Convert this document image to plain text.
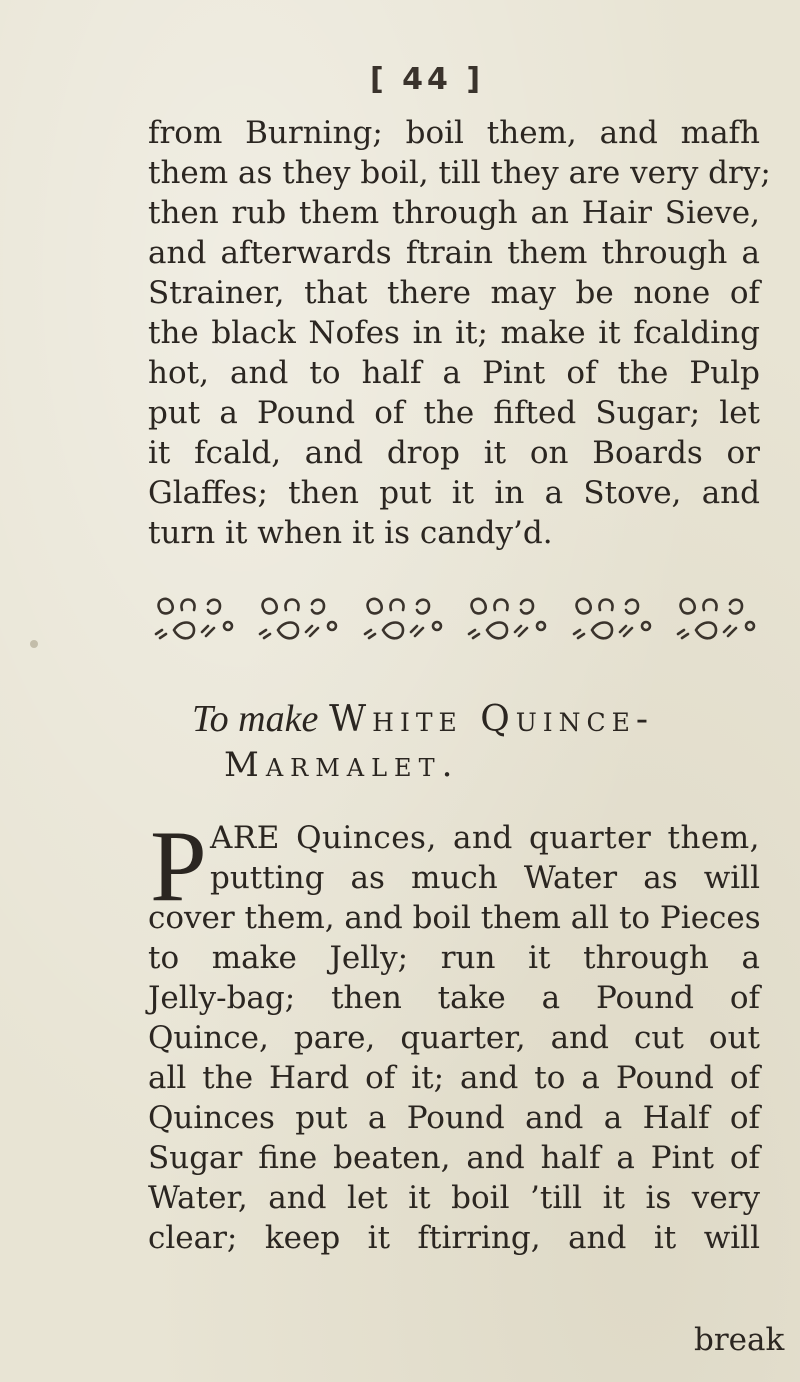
[ 44 ]
from Burning; boil them, and mafh
them as they boil, till they are very dry;
then rub them through an Hair Sieve,
and afterwards ftrain them through a
Strainer, that there may be none of
the black Nofes in it; make it fcalding
hot, and to half a Pint of the Pulp
put a Pound of the fifted Sugar; let
it fcald, and drop it on Boards or
Glaffes; then put it in a Stove, and
turn it when it is candy’d.
To make White Quince-
Marmalet.
P ARE Quinces, and quarter them,
putting as much Water as will
cover them, and boil them all to Pieces
to make Jelly; run it through a
Jelly-bag; then take a Pound of
Quince, pare, quarter, and cut out
all the Hard of it; and to a Pound of
Quinces put a Pound and a Half of
Sugar fine beaten, and half a Pint of
Water, and let it boil ’till it is very
clear; keep it ftirring, and it will
break
